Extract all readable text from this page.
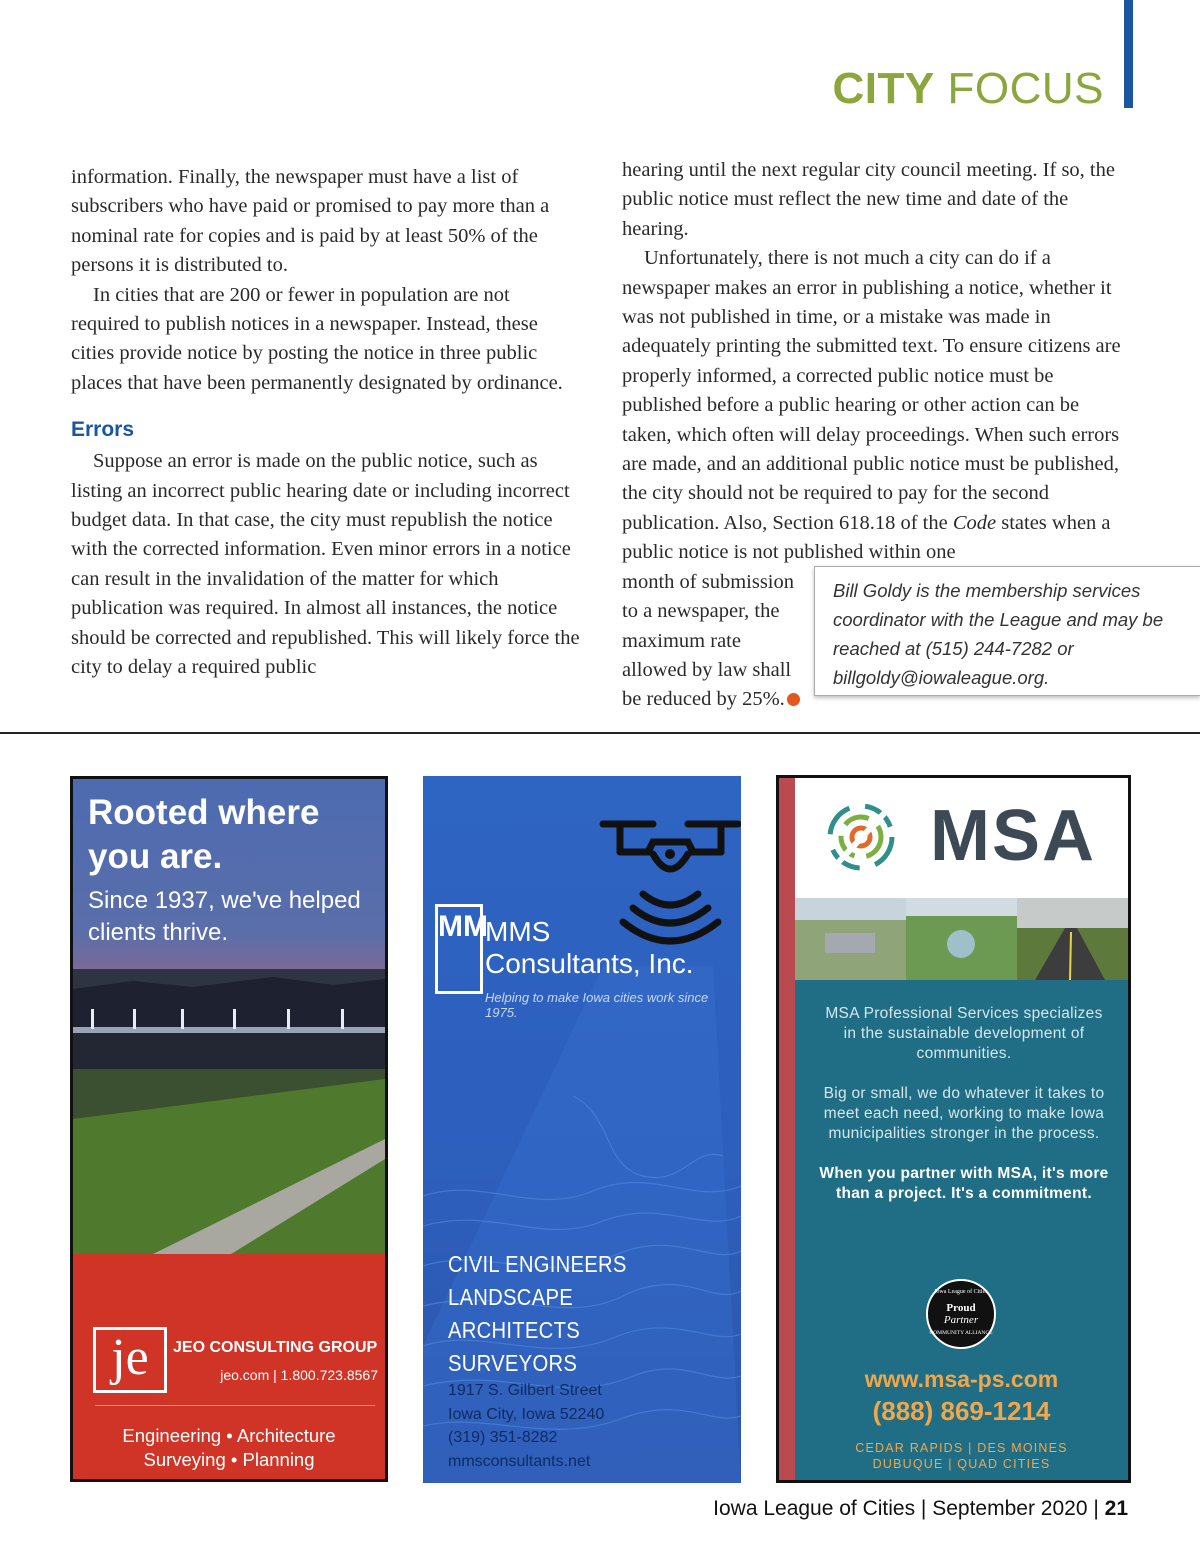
CITY FOCUS

information. Finally, the newspaper must have a list of subscribers who have paid or promised to pay more than a nominal rate for copies and is paid by at least 50% of the persons it is distributed to.

In cities that are 200 or fewer in population are not required to publish notices in a newspaper. Instead, these cities provide notice by posting the notice in three public places that have been permanently designated by ordinance.

Errors

Suppose an error is made on the public notice, such as listing an incorrect public hearing date or including incorrect budget data. In that case, the city must republish the notice with the corrected information. Even minor errors in a notice can result in the invalidation of the matter for which publication was required. In almost all instances, the notice should be corrected and republished. This will likely force the city to delay a required public

hearing until the next regular city council meeting. If so, the public notice must reflect the new time and date of the hearing.

Unfortunately, there is not much a city can do if a newspaper makes an error in publishing a notice, whether it was not published in time, or a mistake was made in adequately printing the submitted text. To ensure citizens are properly informed, a corrected public notice must be published before a public hearing or other action can be taken, which often will delay proceedings. When such errors are made, and an additional public notice must be published, the city should not be required to pay for the second publication. Also, Section 618.18 of the Code states when a public notice is not published within one

month of submission to a newspaper, the maximum rate allowed by law shall be reduced by 25%.
Bill Goldy is the membership services coordinator with the League and may be reached at (515) 244-7282 or billgoldy@iowaleague.org.
Rooted where you are.
Since 1937, we've helped clients thrive.
je	JEO CONSULTING GROUP
jeo.com | 1.800.723.8567
Engineering • Architecture
Surveying • Planning
MM
MMS
Consultants, Inc.
Helping to make Iowa cities work since 1975.
CIVIL ENGINEERS
LANDSCAPE ARCHITECTS
SURVEYORS
1917 S. Gilbert Street
Iowa City, Iowa 52240
(319) 351-8282
mmsconsultants.net
MSA

MSA Professional Services specializes in the sustainable development of communities.

Big or small, we do whatever it takes to meet each need, working to make Iowa municipalities stronger in the process.

When you partner with MSA, it's more than a project. It's a commitment.

Iowa League of Cities
Proud
Partner
COMMUNITY ALLIANCE
www.msa-ps.com
(888) 869-1214
CEDAR RAPIDS | DES MOINES
DUBUQUE | QUAD CITIES
Iowa League of Cities | September 2020 | 21
